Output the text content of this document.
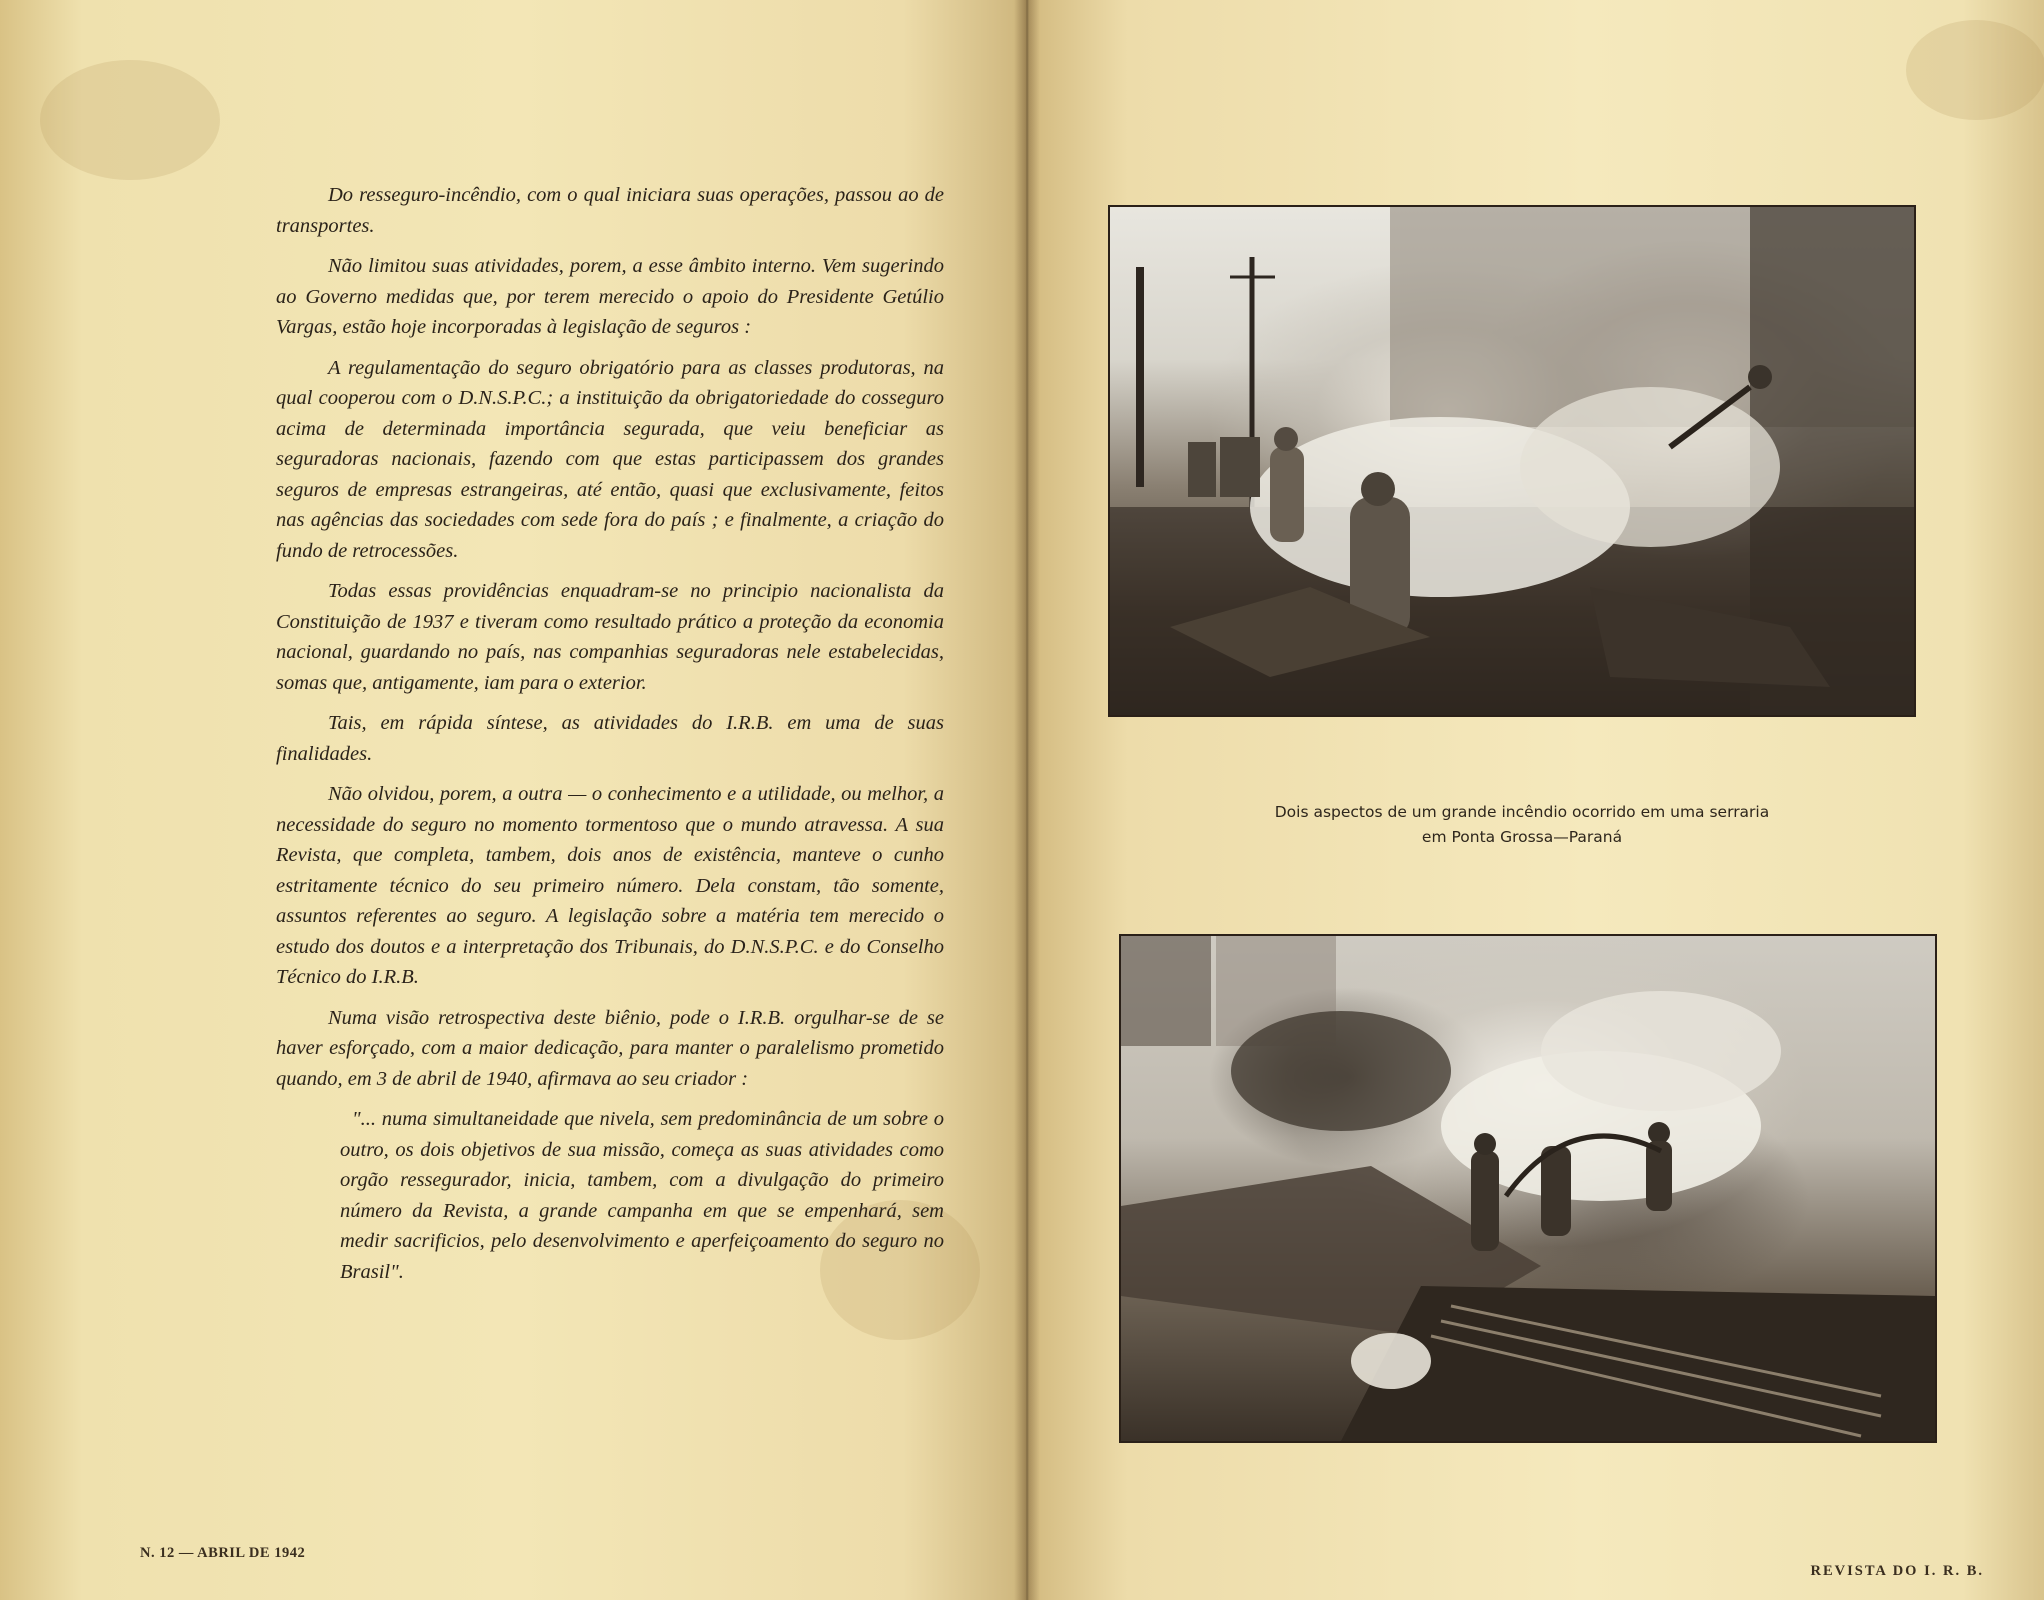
Do resseguro-incêndio, com o qual iniciara suas operações, passou ao de transportes.

Não limitou suas atividades, porem, a esse âmbito interno. Vem sugerindo ao Governo medidas que, por terem merecido o apoio do Presidente Getúlio Vargas, estão hoje incorporadas à legislação de seguros :

A regulamentação do seguro obrigatório para as classes produtoras, na qual cooperou com o D.N.S.P.C.; a instituição da obrigatoriedade do cosseguro acima de determinada importância segurada, que veiu beneficiar as seguradoras nacionais, fazendo com que estas participassem dos grandes seguros de empresas estrangeiras, até então, quasi que exclusivamente, feitos nas agências das sociedades com sede fora do país ; e finalmente, a criação do fundo de retrocessões.

Todas essas providências enquadram-se no principio nacionalista da Constituição de 1937 e tiveram como resultado prático a proteção da economia nacional, guardando no país, nas companhias seguradoras nele estabelecidas, somas que, antigamente, iam para o exterior.

Tais, em rápida síntese, as atividades do I.R.B. em uma de suas finalidades.

Não olvidou, porem, a outra — o conhecimento e a utilidade, ou melhor, a necessidade do seguro no momento tormentoso que o mundo atravessa. A sua Revista, que completa, tambem, dois anos de existência, manteve o cunho estritamente técnico do seu primeiro número. Dela constam, tão somente, assuntos referentes ao seguro. A legislação sobre a matéria tem merecido o estudo dos doutos e a interpretação dos Tribunais, do D.N.S.P.C. e do Conselho Técnico do I.R.B.

Numa visão retrospectiva deste biênio, pode o I.R.B. orgulhar-se de se haver esforçado, com a maior dedicação, para manter o paralelismo prometido quando, em 3 de abril de 1940, afirmava ao seu criador :

"... numa simultaneidade que nivela, sem predominância de um sobre o outro, os dois objetivos de sua missão, começa as suas atividades como orgão ressegurador, inicia, tambem, com a divulgação do primeiro número da Revista, a grande campanha em que se empenhará, sem medir sacrificios, pelo desenvolvimento e aperfeiçoamento do seguro no Brasil".

N. 12 — ABRIL DE 1942
Dois aspectos de um grande incêndio ocorrido em uma serraria
em Ponta Grossa—Paraná
REVISTA DO I. R. B.
